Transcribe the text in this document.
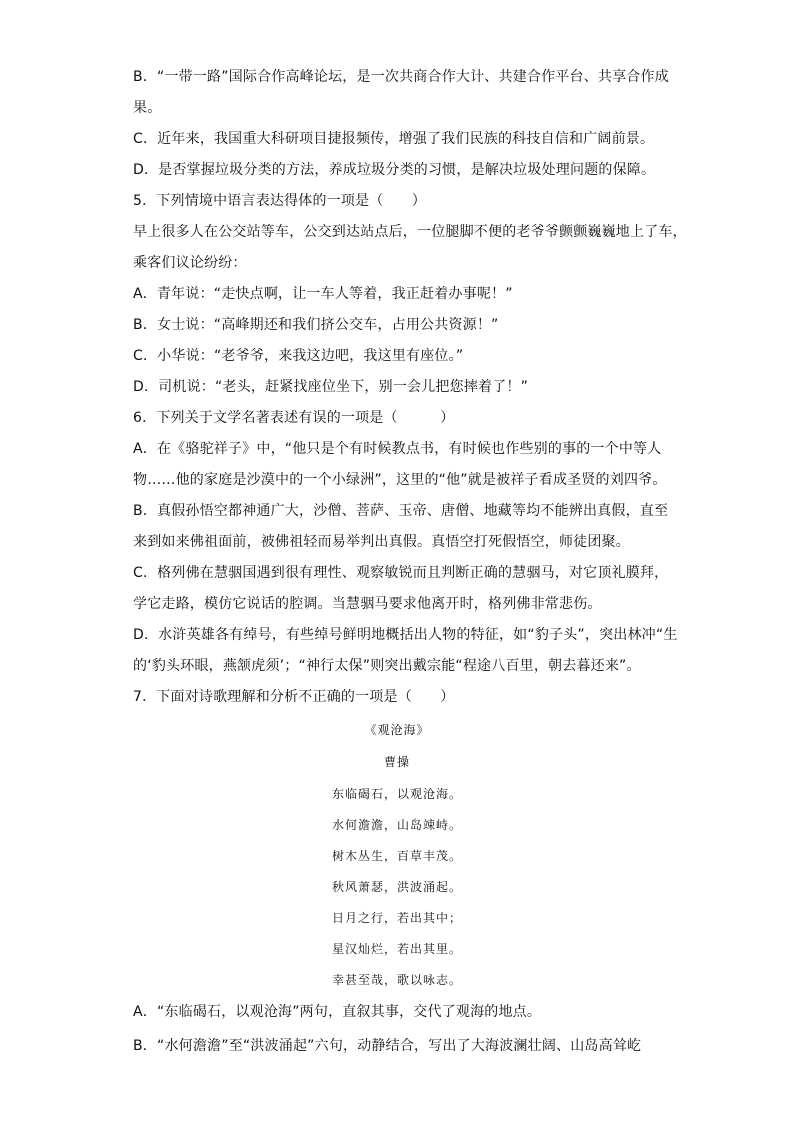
B．“一带一路”国际合作高峰论坛，是一次共商合作大计、共建合作平台、共享合作成
果。
C．近年来，我国重大科研项目捷报频传，增强了我们民族的科技自信和广阔前景。
D．是否掌握垃圾分类的方法，养成垃圾分类的习惯，是解决垃圾处理问题的保障。
5．下列情境中语言表达得体的一项是（　　）
早上很多人在公交站等车，公交到达站点后，一位腿脚不便的老爷爷颤颤巍巍地上了车，
乘客们议论纷纷：
A．青年说：“走快点啊，让一车人等着，我正赶着办事呢！”
B．女士说：“高峰期还和我们挤公交车，占用公共资源！”
C．小华说：“老爷爷，来我这边吧，我这里有座位。”
D．司机说：“老头，赶紧找座位坐下，别一会儿把您摔着了！”
6．下列关于文学名著表述有误的一项是（　　　）
A．在《骆驼祥子》中，“他只是个有时候教点书，有时候也作些别的事的一个中等人
物……他的家庭是沙漠中的一个小绿洲”，这里的“他”就是被祥子看成圣贤的刘四爷。
B．真假孙悟空都神通广大，沙僧、菩萨、玉帝、唐僧、地藏等均不能辨出真假，直至
来到如来佛祖面前，被佛祖轻而易举判出真假。真悟空打死假悟空，师徒团聚。
C．格列佛在慧骃国遇到很有理性、观察敏锐而且判断正确的慧骃马，对它顶礼膜拜，
学它走路，模仿它说话的腔调。当慧骃马要求他离开时，格列佛非常悲伤。
D．水浒英雄各有绰号，有些绰号鲜明地概括出人物的特征，如“豹子头”，突出林冲“生
的‘豹头环眼，燕颔虎须’；“神行太保”则突出戴宗能“程途八百里，朝去暮还来”。
7．下面对诗歌理解和分析不正确的一项是（　　）
《观沧海》
曹操
东临碣石，以观沧海。
水何澹澹，山岛竦峙。
树木丛生，百草丰茂。
秋风萧瑟，洪波涌起。
日月之行，若出其中；
星汉灿烂，若出其里。
幸甚至哉，歌以咏志。
A．“东临碣石，以观沧海”两句，直叙其事，交代了观海的地点。
B．“水何澹澹”至“洪波涌起”六句，动静结合，写出了大海波澜壮阔、山岛高耸屹
